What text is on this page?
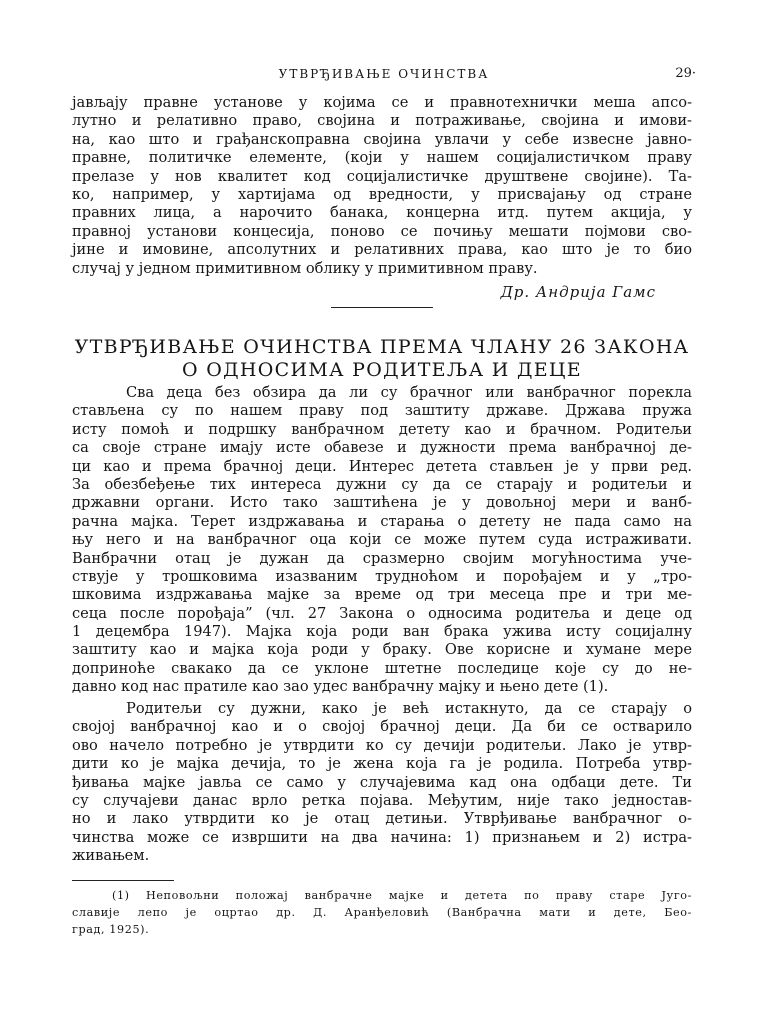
УТВРЂИВАЊЕ ОЧИНСТВА	29·
јављају правне установе у којима се и правнотехнички меша апсо-
лутно и релативно право, својина и потраживање, својина и имови-
на, као што и грађанскоправна својина увлачи у себе извесне јавно-
правне, политичке елементе, (који у нашем социјалистичком праву
прелазе у нов квалитет код социјалистичке друштвене својине). Та-
ко, например, у хартијама од вредности, у присвајању од стране
правних лица, а нарочито банака, концерна итд. путем акција, у
правној установи концесија, поново се почињу мешати појмови сво-
јине и имовине, апсолутних и релативних права, као што је то био
случај у једном примитивном облику у примитивном праву.
Др. Андрија Гамс
УТВРЂИВАЊЕ ОЧИНСТВА ПРЕМА ЧЛАНУ 26 ЗАКОНА
О ОДНОСИМА РОДИТЕЉА И ДЕЦЕ
Сва деца без обзира да ли су брачног или ванбрачног порекла
стављена су по нашем праву под заштиту државе. Држава пружа
исту помоћ и подршку ванбрачном детету као и брачном. Родитељи
са своје стране имају исте обавезе и дужности према ванбрачној де-
ци као и према брачној деци. Интерес детета стављен је у први ред.
За обезбеђење тих интереса дужни су да се старају и родитељи и
државни органи. Исто тако заштићена је у довољној мери и ванб-
рачна мајка. Терет издржавања и старања о детету не пада само на
њу него и на ванбрачног оца који се може путем суда истраживати.
Ванбрачни отац је дужан да сразмерно својим могућностима уче-
ствује у трошковима изазваним трудноћом и порођајем и у „тро-
шковима издржавања мајке за време од три месеца пре и три ме-
сеца после порођаја” (чл. 27 Закона о односима родитеља и деце од
1 децембра 1947). Мајка која роди ван брака ужива исту социјалну
заштиту као и мајка која роди у браку. Ове корисне и хумане мере
доприноће свакако да се уклоне штетне последице које су до не-
давно код нас пратиле као зао удес ванбрачну мајку и њено дете (1).
Родитељи су дужни, како је већ истакнуто, да се старају о
својој ванбрачној као и о својој брачној деци. Да би се остварило
ово начело потребно је утврдити ко су дечији родитељи. Лако је утвр-
дити ко је мајка дечија, то је жена која га је родила. Потреба утвр-
ђивања мајке јавља се само у случајевима кад она одбаци дете. Ти
су случајеви данас врло ретка појава. Међутим, није тако једностав-
но и лако утврдити ко је отац детињи. Утврђивање ванбрачног о-
чинства може се извршити на два начина: 1) признањем и 2) истра-
живањем.
(1) Неповољни положај ванбрачне мајке и детета по праву старе Југо-
славије лепо је оцртао др. Д. Аранђеловић (Ванбрачна мати и дете, Бео-
град, 1925).
